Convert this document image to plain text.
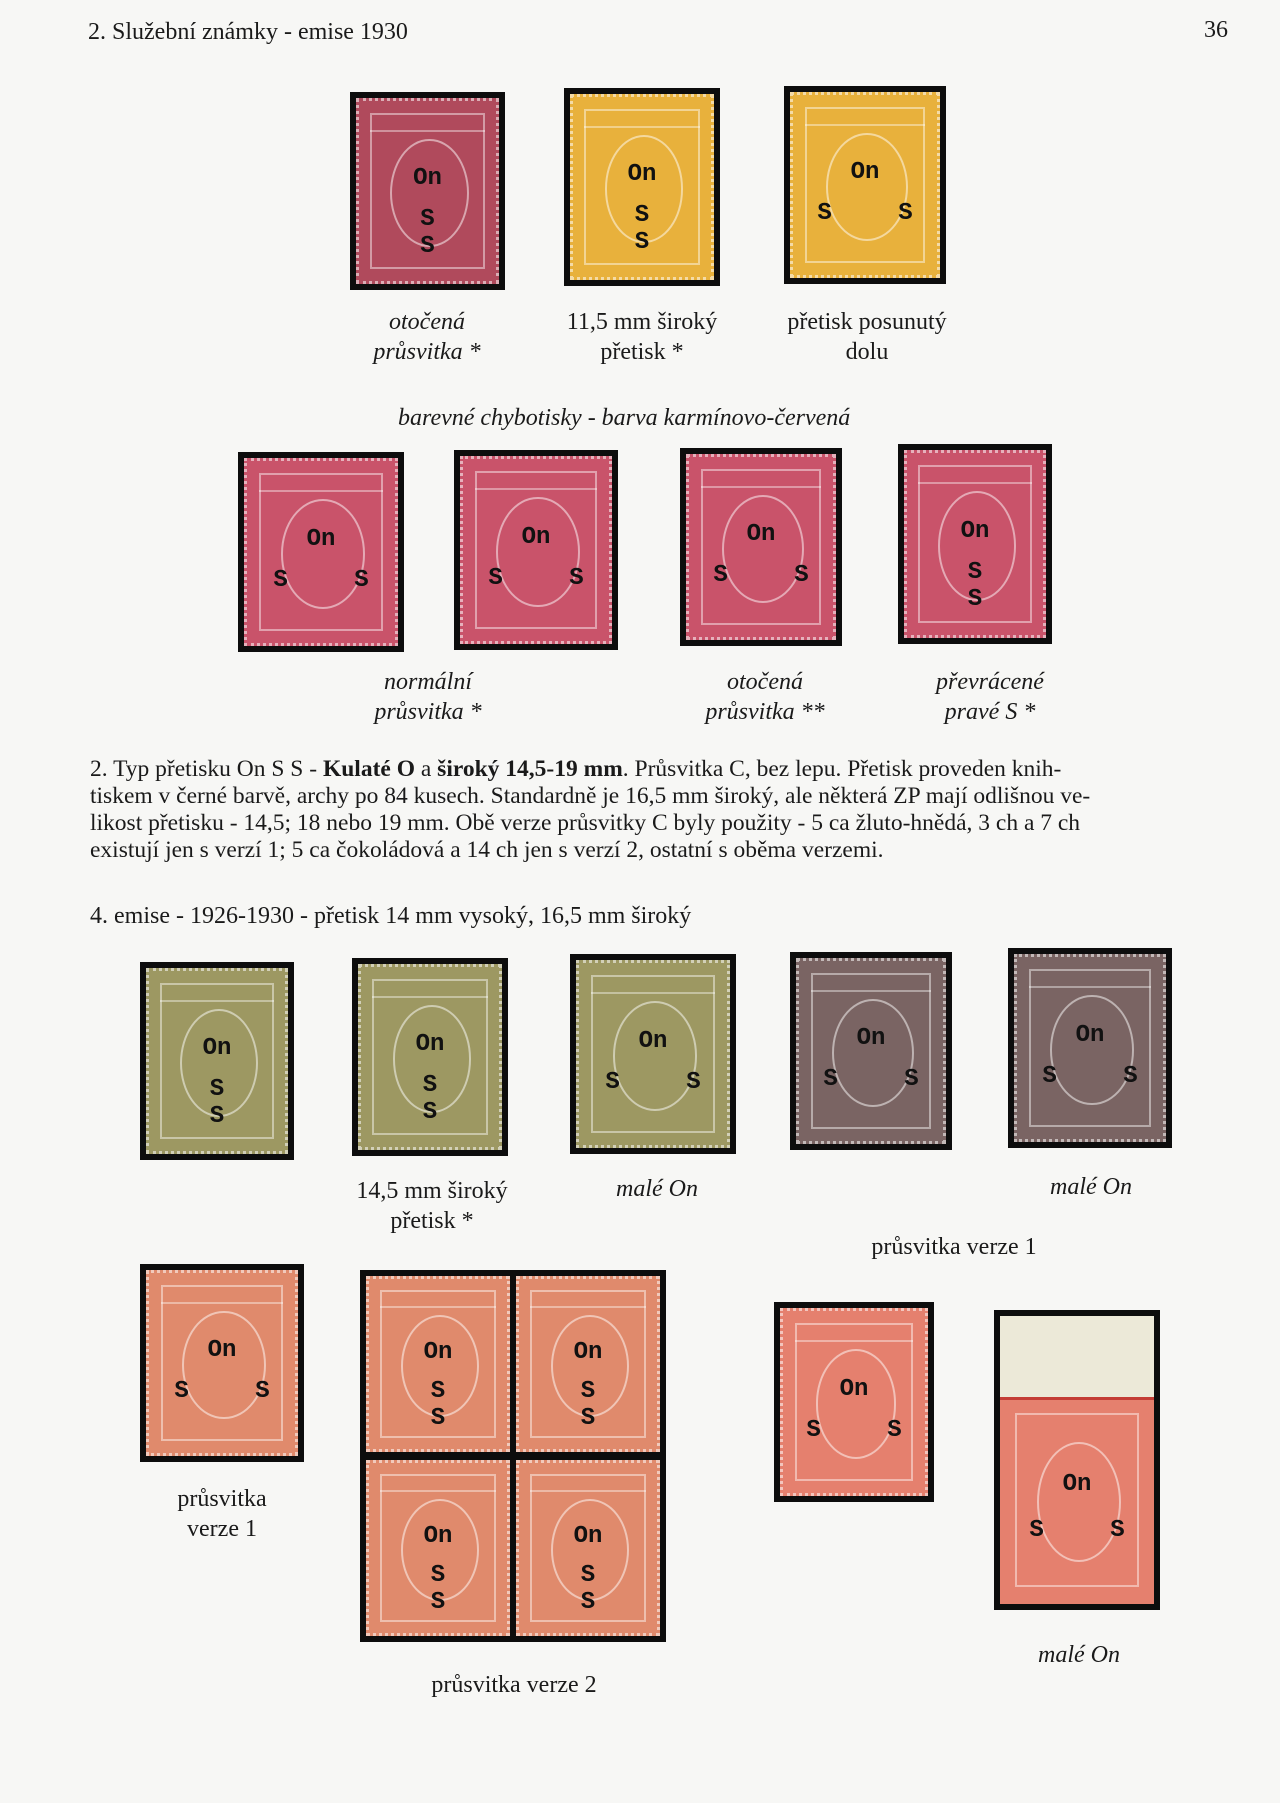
2. Služební známky - emise 1930	36
On
S S
On
S S
On
S S
otočená
průsvitka *
11,5 mm široký
přetisk *
přetisk posunutý
dolu
barevné chybotisky - barva karmínovo-červená
On
S S
On
S S
On
S S
On
S S
normální
průsvitka *
otočená
průsvitka **
převrácené
pravé S *
2. Typ přetisku On S S - Kulaté O a široký 14,5-19 mm. Průsvitka C, bez lepu. Přetisk proveden knih-
tiskem v černé barvě, archy po 84 kusech. Standardně je 16,5 mm široký, ale některá ZP mají odlišnou ve-
likost přetisku - 14,5; 18 nebo 19 mm. Obě verze průsvitky C byly použity - 5 ca žluto-hnědá, 3 ch a 7 ch
existují jen s verzí 1; 5 ca čokoládová a 14 ch jen s verzí 2, ostatní s oběma verzemi.
4. emise - 1926-1930 - přetisk 14 mm vysoký, 16,5 mm široký
On
S S
On
S S
On
S S
On
S S
On
S S
14,5 mm široký
přetisk *
malé On	malé On
průsvitka verze 1
On
S S
On
S S
On
S S
On
S S
On
S S
On
S S
On
S S
průsvitka
verze 1
průsvitka verze 2
malé On
